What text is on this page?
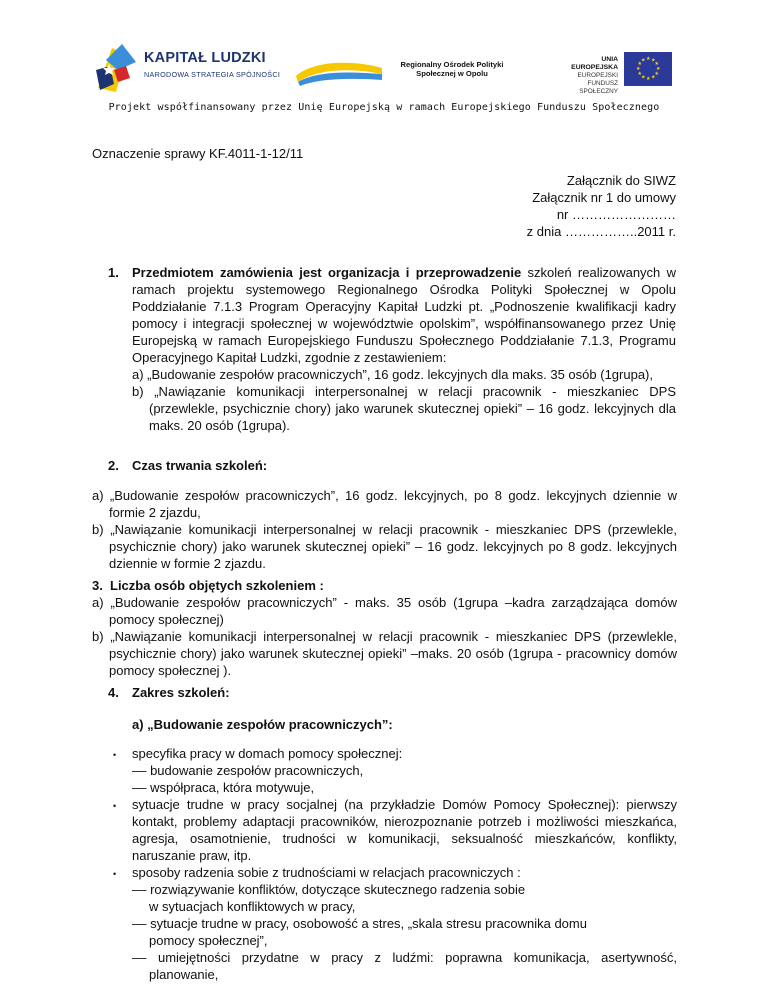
KAPITAŁ LUDZKI
NARODOWA STRATEGIA SPÓJNOŚCI
Regionalny Ośrodek Polityki Społecznej w Opolu
UNIA EUROPEJSKA
EUROPEJSKI
FUNDUSZ SPOŁECZNY
★ ★
★
★
★
★
★
★
★
★
★
★
Projekt współfinansowany przez Unię Europejską w ramach Europejskiego Funduszu Społecznego
Oznaczenie sprawy KF.4011-1-12/11
Załącznik do SIWZ
Załącznik nr 1 do umowy
nr ……………………
z dnia ……………..2011 r.
1. Przedmiotem zamówienia jest organizacja i przeprowadzenie szkoleń realizowanych w ramach projektu systemowego Regionalnego Ośrodka Polityki Społecznej w Opolu Poddziałanie 7.1.3 Program Operacyjny Kapitał Ludzki pt. „Podnoszenie kwalifikacji kadry pomocy i integracji społecznej w województwie opolskim”, współfinansowanego przez Unię Europejską w ramach Europejskiego Funduszu Społecznego Poddziałanie 7.1.3, Programu Operacyjnego Kapitał Ludzki, zgodnie z zestawieniem:

a) „Budowanie zespołów pracowniczych”, 16 godz. lekcyjnych dla maks. 35 osób (1grupa),

b) „Nawiązanie komunikacji interpersonalnej w relacji pracownik - mieszkaniec DPS (przewlekle, psychicznie chory) jako warunek skutecznej opieki” – 16 godz. lekcyjnych dla maks. 20 osób (1grupa).

2. Czas trwania szkoleń:
a) „Budowanie zespołów pracowniczych”, 16 godz. lekcyjnych, po 8 godz. lekcyjnych dziennie w formie 2 zjazdu,
b) „Nawiązanie komunikacji interpersonalnej w relacji pracownik - mieszkaniec DPS (przewlekle, psychicznie chory) jako warunek skutecznej opieki” – 16 godz. lekcyjnych po 8 godz. lekcyjnych dziennie w formie 2 zjazdu.
3. Liczba osób objętych szkoleniem :
a) „Budowanie zespołów pracowniczych” - maks. 35 osób (1grupa –kadra zarządzająca domów pomocy społecznej)
b) „Nawiązanie komunikacji interpersonalnej w relacji pracownik - mieszkaniec DPS (przewlekle, psychicznie chory) jako warunek skutecznej opieki” –maks. 20 osób (1grupa - pracownicy domów pomocy społecznej ).
4. Zakres szkoleń:
a) „Budowanie zespołów pracowniczych”:
• specyfika pracy w domach pomocy społecznej:
–– budowanie zespołów pracowniczych,
–– współpraca, która motywuje,
• sytuacje trudne w pracy socjalnej (na przykładzie Domów Pomocy Społecznej): pierwszy kontakt, problemy adaptacji pracowników, nierozpoznanie potrzeb i możliwości mieszkańca, agresja, osamotnienie, trudności w komunikacji, seksualność mieszkańców, konflikty, naruszanie praw, itp.
• sposoby radzenia sobie z trudnościami w relacjach pracowniczych :
–– rozwiązywanie konfliktów, dotyczące skutecznego radzenia sobie
w sytuacjach konfliktowych w pracy,
–– sytuacje trudne w pracy, osobowość a stres, „skala stresu pracownika domu
pomocy społecznej”,
–– umiejętności przydatne w pracy z ludźmi: poprawna komunikacja, asertywność, planowanie,
